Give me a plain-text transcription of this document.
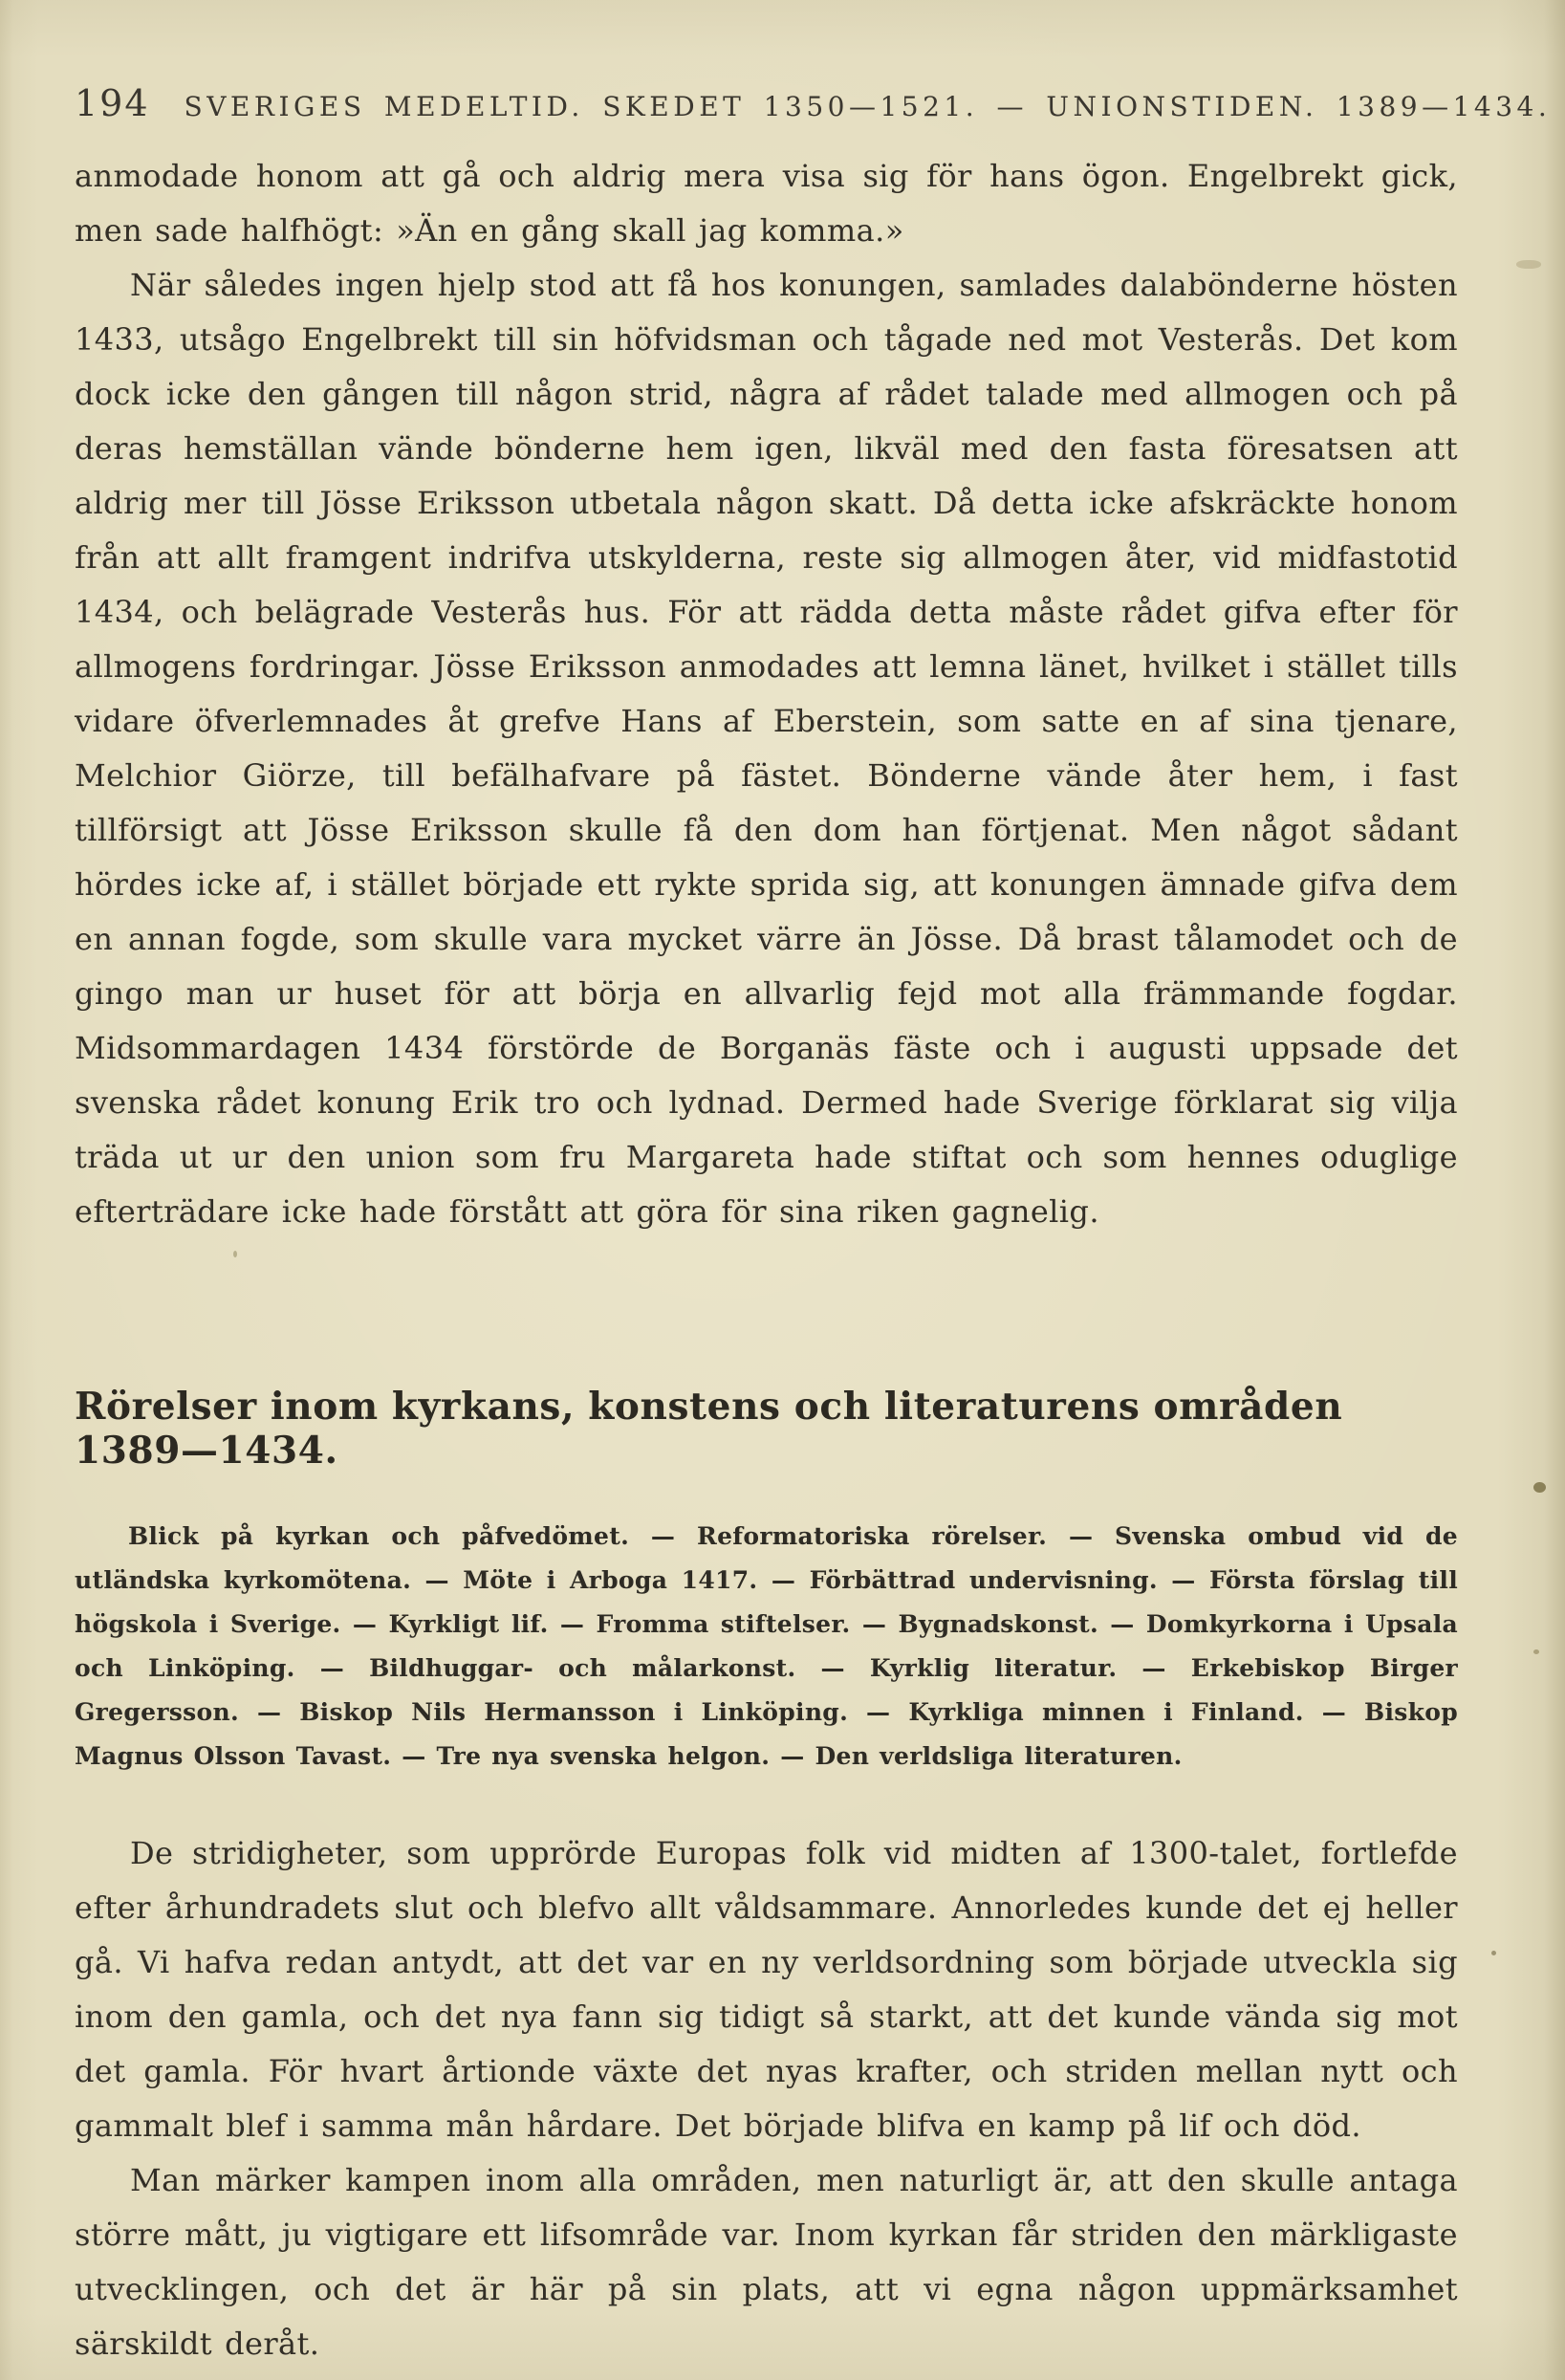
194 SVERIGES MEDELTID. SKEDET 1350—1521. — UNIONSTIDEN. 1389—1434.

anmodade honom att gå och aldrig mera visa sig för hans ögon. Engelbrekt gick, men sade halfhögt: »Än en gång skall jag komma.»

När således ingen hjelp stod att få hos konungen, samlades dalabönderne hösten 1433, utsågo Engelbrekt till sin höfvidsman och tågade ned mot Vesterås. Det kom dock icke den gången till någon strid, några af rådet talade med allmogen och på deras hemställan vände bönderne hem igen, likväl med den fasta föresatsen att aldrig mer till Jösse Eriksson utbetala någon skatt. Då detta icke afskräckte honom från att allt framgent indrifva utskylderna, reste sig allmogen åter, vid midfastotid 1434, och belägrade Vesterås hus. För att rädda detta måste rådet gifva efter för allmogens fordringar. Jösse Eriksson anmodades att lemna länet, hvilket i stället tills vidare öfverlemnades åt grefve Hans af Eberstein, som satte en af sina tjenare, Melchior Giörze, till befälhafvare på fästet. Bönderne vände åter hem, i fast tillförsigt att Jösse Eriksson skulle få den dom han förtjenat. Men något sådant hördes icke af, i stället började ett rykte sprida sig, att konungen ämnade gifva dem en annan fogde, som skulle vara mycket värre än Jösse. Då brast tålamodet och de gingo man ur huset för att börja en allvarlig fejd mot alla främmande fogdar. Midsommardagen 1434 förstörde de Borganäs fäste och i augusti uppsade det svenska rådet konung Erik tro och lydnad. Dermed hade Sverige förklarat sig vilja träda ut ur den union som fru Margareta hade stiftat och som hennes oduglige efterträdare icke hade förstått att göra för sina riken gagnelig.

Rörelser inom kyrkans, konstens och literaturens områden 1389—1434.
Blick på kyrkan och påfvedömet. — Reformatoriska rörelser. — Svenska ombud vid de utländska kyrkomötena. — Möte i Arboga 1417. — Förbättrad undervisning. — Första förslag till högskola i Sverige. — Kyrkligt lif. — Fromma stiftelser. — Bygnadskonst. — Domkyrkorna i Upsala och Linköping. — Bildhuggar- och målarkonst. — Kyrklig literatur. — Erkebiskop Birger Gregersson. — Biskop Nils Hermansson i Linköping. — Kyrkliga minnen i Finland. — Biskop Magnus Olsson Tavast. — Tre nya svenska helgon. — Den verldsliga literaturen.

De stridigheter, som upprörde Europas folk vid midten af 1300-talet, fortlefde efter århundradets slut och blefvo allt våldsammare. Annorledes kunde det ej heller gå. Vi hafva redan antydt, att det var en ny verldsordning som började utveckla sig inom den gamla, och det nya fann sig tidigt så starkt, att det kunde vända sig mot det gamla. För hvart årtionde växte det nyas krafter, och striden mellan nytt och gammalt blef i samma mån hårdare. Det började blifva en kamp på lif och död.

Man märker kampen inom alla områden, men naturligt är, att den skulle antaga större mått, ju vigtigare ett lifsområde var. Inom kyrkan får striden den märkligaste utvecklingen, och det är här på sin plats, att vi egna någon uppmärksamhet särskildt deråt.
